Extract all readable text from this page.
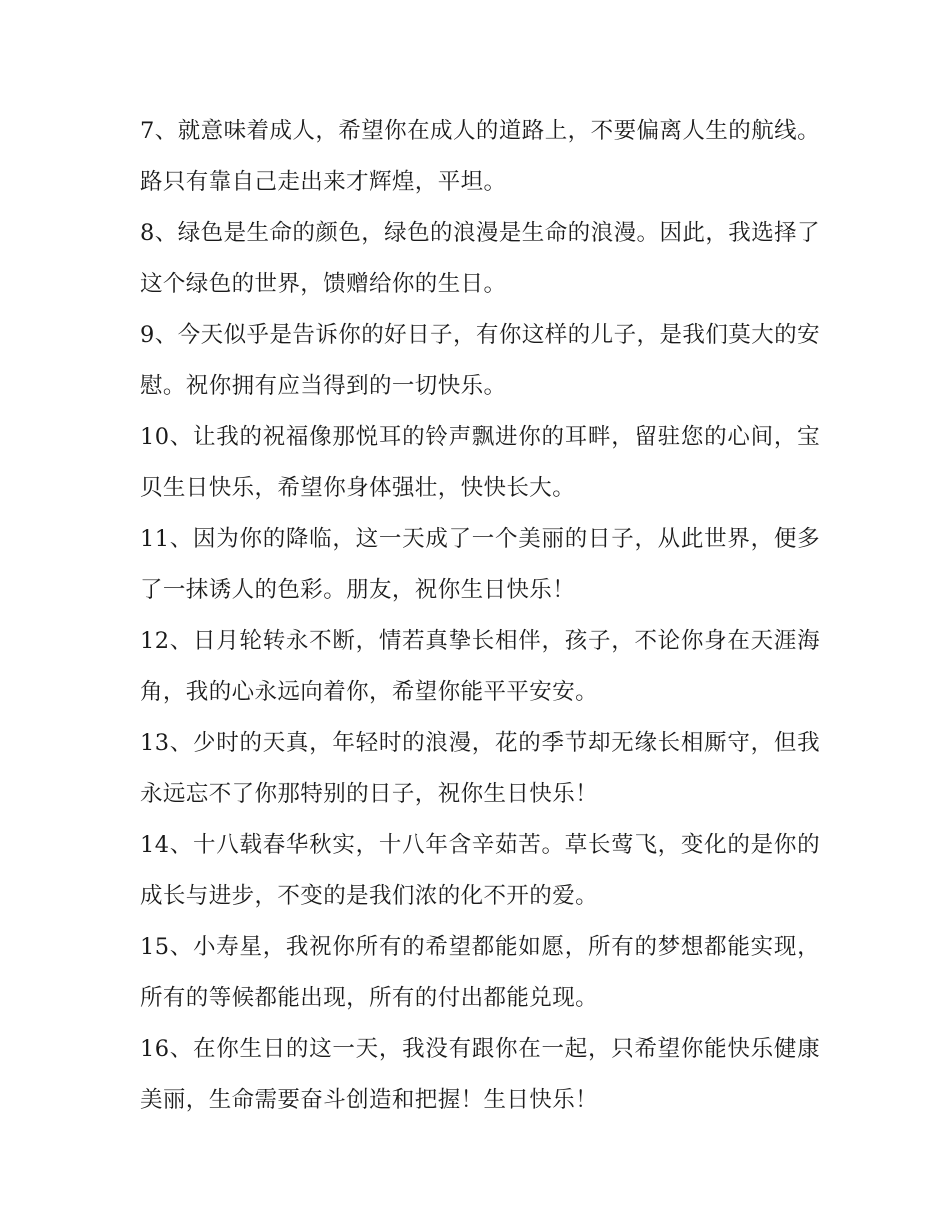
7、就意味着成人，希望你在成人的道路上，不要偏离人生的航线。路只有靠自己走出来才辉煌，平坦。

8、绿色是生命的颜色，绿色的浪漫是生命的浪漫。因此，我选择了这个绿色的世界，馈赠给你的生日。

9、今天似乎是告诉你的好日子，有你这样的儿子，是我们莫大的安慰。祝你拥有应当得到的一切快乐。

10、让我的祝福像那悦耳的铃声飘进你的耳畔，留驻您的心间，宝贝生日快乐，希望你身体强壮，快快长大。

11、因为你的降临，这一天成了一个美丽的日子，从此世界，便多了一抹诱人的色彩。朋友，祝你生日快乐！

12、日月轮转永不断，情若真挚长相伴，孩子，不论你身在天涯海角，我的心永远向着你，希望你能平平安安。

13、少时的天真，年轻时的浪漫，花的季节却无缘长相厮守，但我永远忘不了你那特别的日子，祝你生日快乐！

14、十八载春华秋实，十八年含辛茹苦。草长莺飞，变化的是你的成长与进步，不变的是我们浓的化不开的爱。

15、小寿星，我祝你所有的希望都能如愿，所有的梦想都能实现，所有的等候都能出现，所有的付出都能兑现。

16、在你生日的这一天，我没有跟你在一起，只希望你能快乐健康美丽，生命需要奋斗创造和把握！生日快乐！
